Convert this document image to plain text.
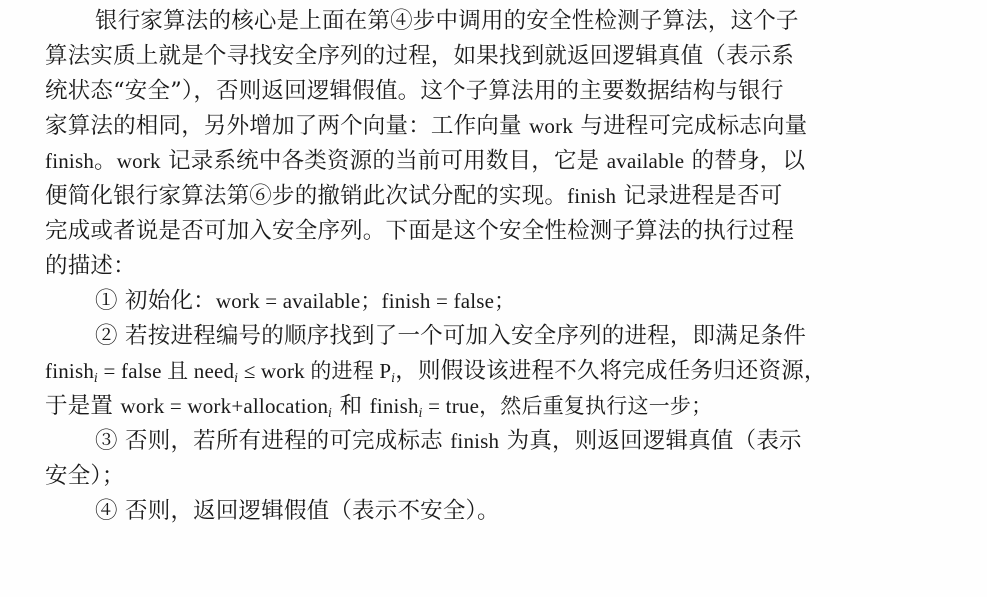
银行家算法的核心是上面在第④步中调用的安全性检测子算法，这个子
算法实质上就是个寻找安全序列的过程，如果找到就返回逻辑真值（表示系
统状态“安全”），否则返回逻辑假值。这个子算法用的主要数据结构与银行
家算法的相同，另外增加了两个向量：工作向量 work 与进程可完成标志向量
finish。work 记录系统中各类资源的当前可用数目，它是 available 的替身，以
便简化银行家算法第⑥步的撤销此次试分配的实现。finish 记录进程是否可
完成或者说是否可加入安全序列。下面是这个安全性检测子算法的执行过程
的描述：
① 初始化：work = available；finish = false；
② 若按进程编号的顺序找到了一个可加入安全序列的进程，即满足条件
finish$_i$ = false 且 need$_i$ ≤ work 的进程 $P_i$，则假设该进程不久将完成任务归还资源，
于是置 work = work+allocation$_i$ 和 finish$_i$ = true，然后重复执行这一步；
③ 否则，若所有进程的可完成标志 finish 为真，则返回逻辑真值（表示
安全）；
④ 否则，返回逻辑假值（表示不安全）。
